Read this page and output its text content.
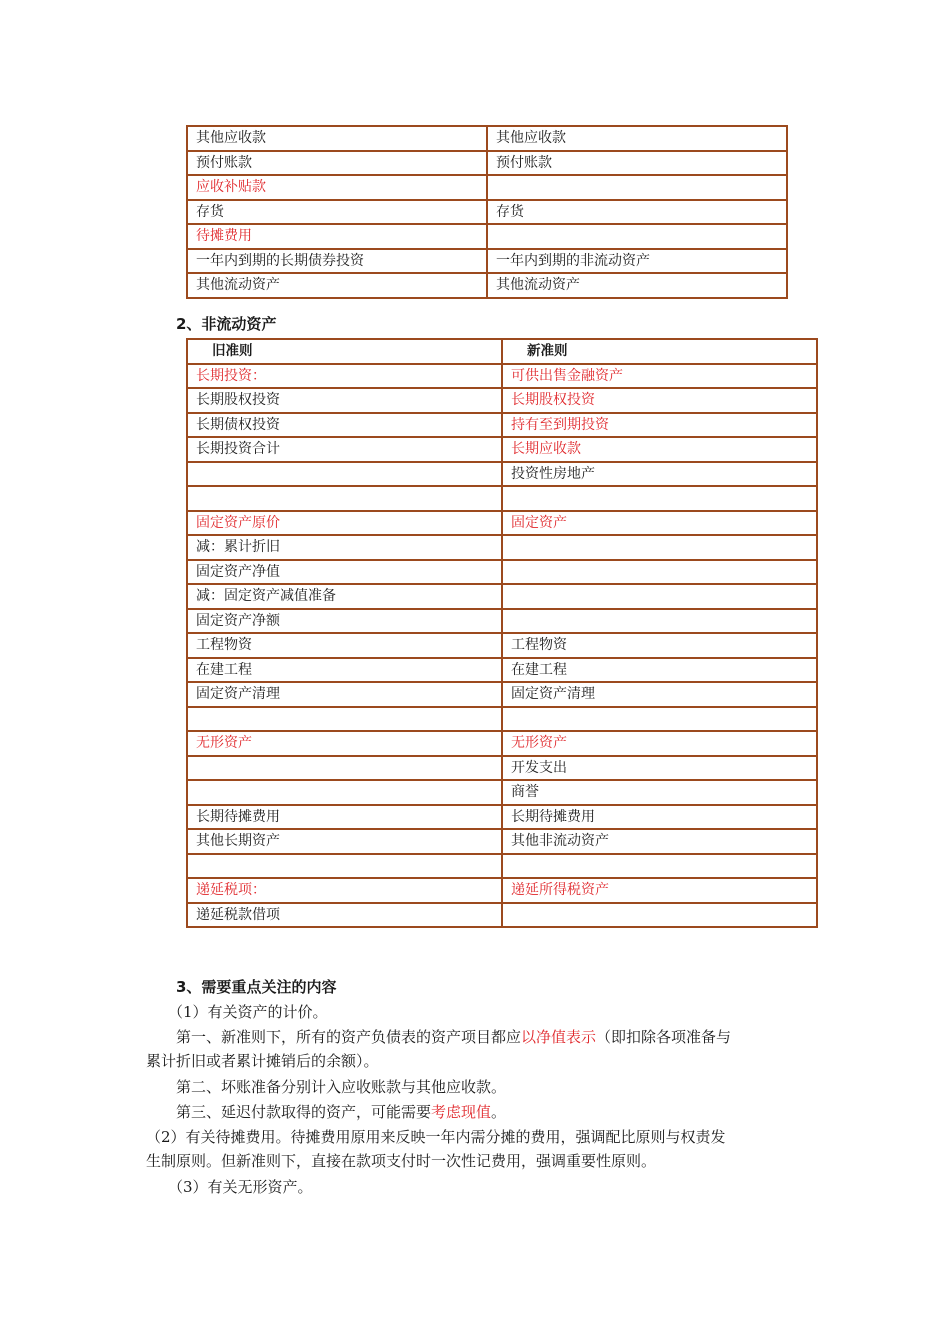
其他应收款	其他应收款
预付账款	预付账款
应收补贴款	
存货	存货
待摊费用	
一年内到期的长期债券投资	一年内到期的非流动资产
其他流动资产	其他流动资产
2、非流动资产
旧准则	新准则
长期投资：	可供出售金融资产
长期股权投资	长期股权投资
长期债权投资	持有至到期投资
长期投资合计	长期应收款
	投资性房地产

固定资产原价	固定资产
减：累计折旧	
固定资产净值	
减：固定资产减值准备	
固定资产净额	
工程物资	工程物资
在建工程	在建工程
固定资产清理	固定资产清理

无形资产	无形资产
	开发支出
	商誉
长期待摊费用	长期待摊费用
其他长期资产	其他非流动资产

递延税项：	递延所得税资产
递延税款借项	
3、需要重点关注的内容

（1）有关资产的计价。

第一、新准则下，所有的资产负债表的资产项目都应以净值表示（即扣除各项准备与

累计折旧或者累计摊销后的余额）。

第二、坏账准备分别计入应收账款与其他应收款。

第三、延迟付款取得的资产，可能需要考虑现值。

（2）有关待摊费用。待摊费用原用来反映一年内需分摊的费用，强调配比原则与权责发

生制原则。但新准则下，直接在款项支付时一次性记费用，强调重要性原则。

（3）有关无形资产。
